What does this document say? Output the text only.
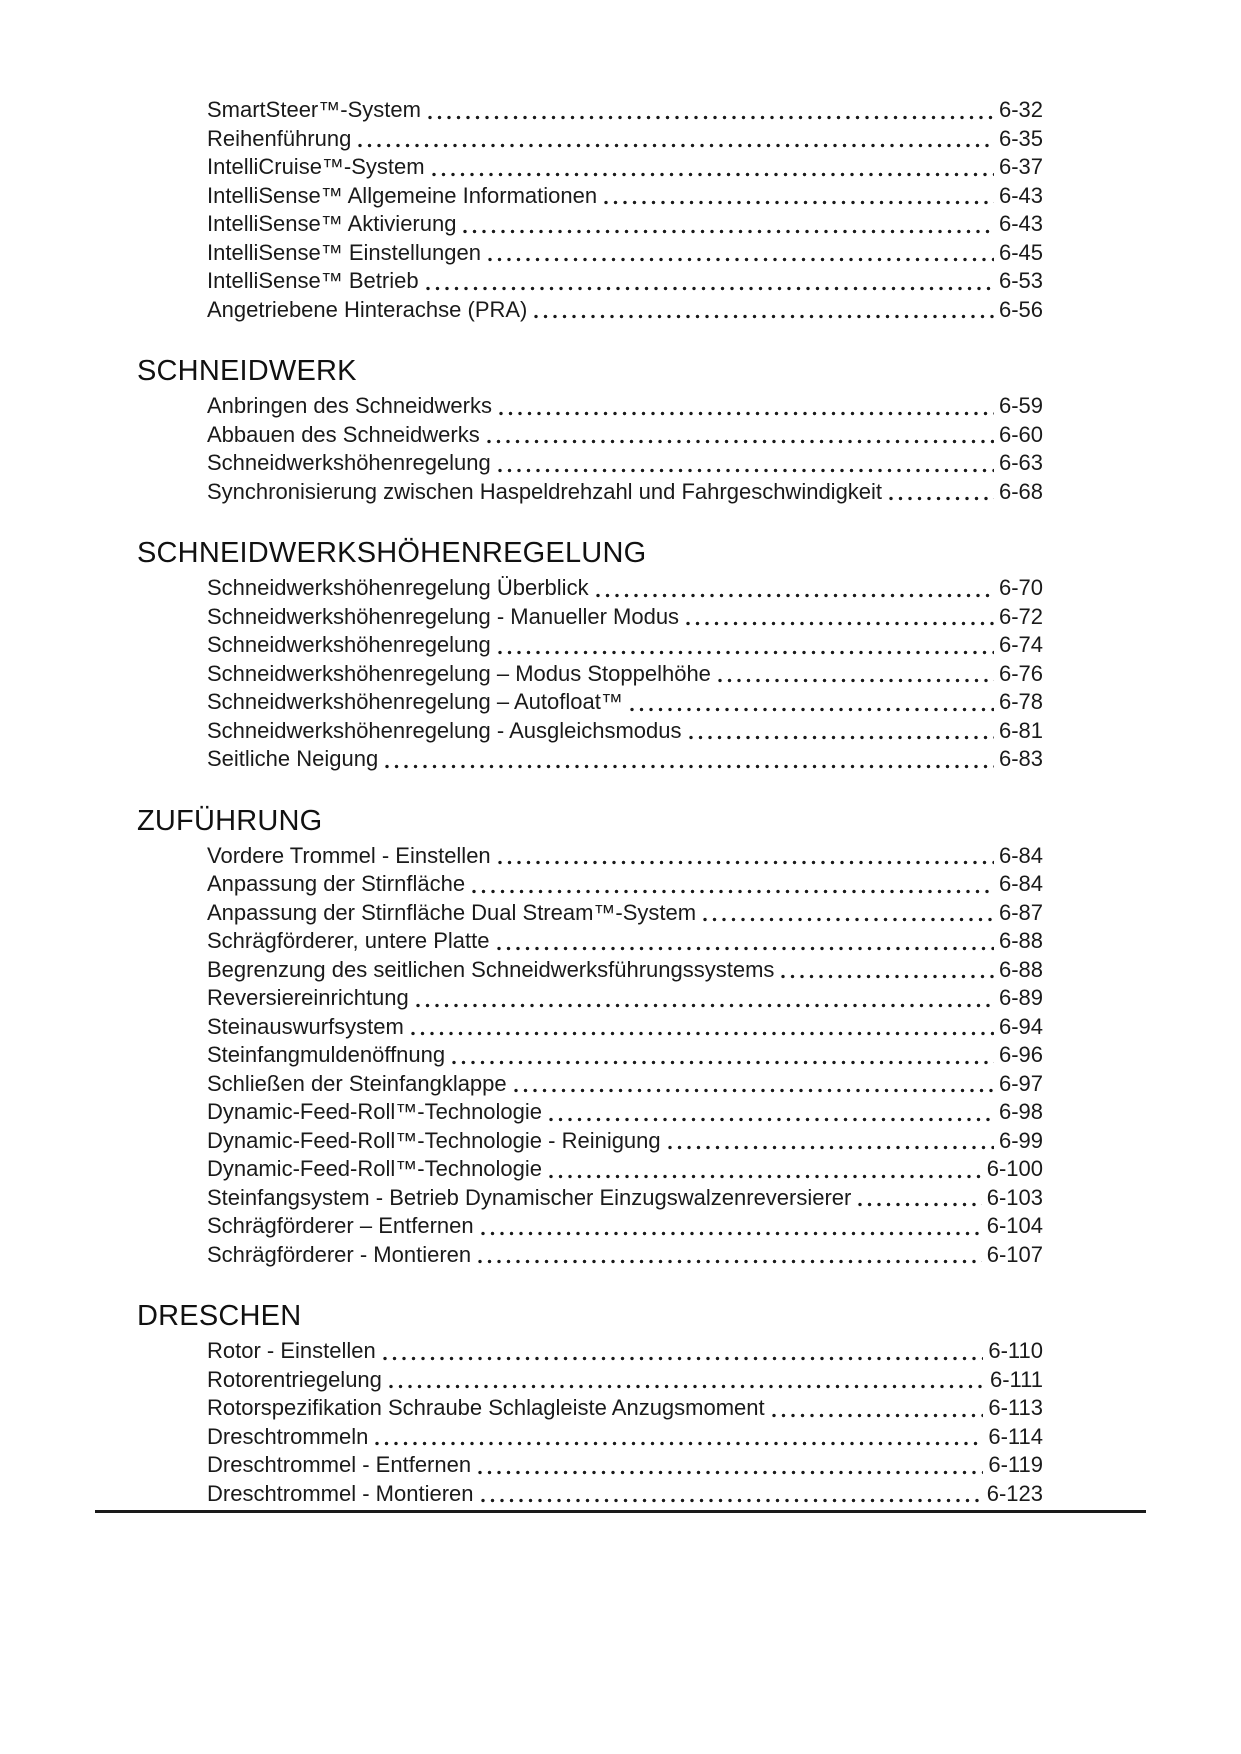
SmartSteer™-System	6-32
Reihenführung	6-35
IntelliCruise™-System	6-37
IntelliSense™ Allgemeine Informationen	6-43
IntelliSense™ Aktivierung	6-43
IntelliSense™ Einstellungen	6-45
IntelliSense™ Betrieb	6-53
Angetriebene Hinterachse (PRA)	6-56
SCHNEIDWERK
Anbringen des Schneidwerks	6-59
Abbauen des Schneidwerks	6-60
Schneidwerkshöhenregelung	6-63
Synchronisierung zwischen Haspeldrehzahl und Fahrgeschwindigkeit	6-68
SCHNEIDWERKSHÖHENREGELUNG
Schneidwerkshöhenregelung Überblick	6-70
Schneidwerkshöhenregelung - Manueller Modus	6-72
Schneidwerkshöhenregelung	6-74
Schneidwerkshöhenregelung – Modus Stoppelhöhe	6-76
Schneidwerkshöhenregelung – Autofloat™	6-78
Schneidwerkshöhenregelung - Ausgleichsmodus	6-81
Seitliche Neigung	6-83
ZUFÜHRUNG
Vordere Trommel - Einstellen	6-84
Anpassung der Stirnfläche	6-84
Anpassung der Stirnfläche Dual Stream™-System	6-87
Schrägförderer, untere Platte	6-88
Begrenzung des seitlichen Schneidwerksführungssystems	6-88
Reversiereinrichtung	6-89
Steinauswurfsystem	6-94
Steinfangmuldenöffnung	6-96
Schließen der Steinfangklappe	6-97
Dynamic-Feed-Roll™-Technologie	6-98
Dynamic-Feed-Roll™-Technologie - Reinigung	6-99
Dynamic-Feed-Roll™-Technologie	6-100
Steinfangsystem - Betrieb Dynamischer Einzugswalzenreversierer	6-103
Schrägförderer – Entfernen	6-104
Schrägförderer - Montieren	6-107
DRESCHEN
Rotor - Einstellen	6-110
Rotorentriegelung	6-111
Rotorspezifikation Schraube Schlagleiste Anzugsmoment	6-113
Dreschtrommeln	6-114
Dreschtrommel - Entfernen	6-119
Dreschtrommel - Montieren	6-123
